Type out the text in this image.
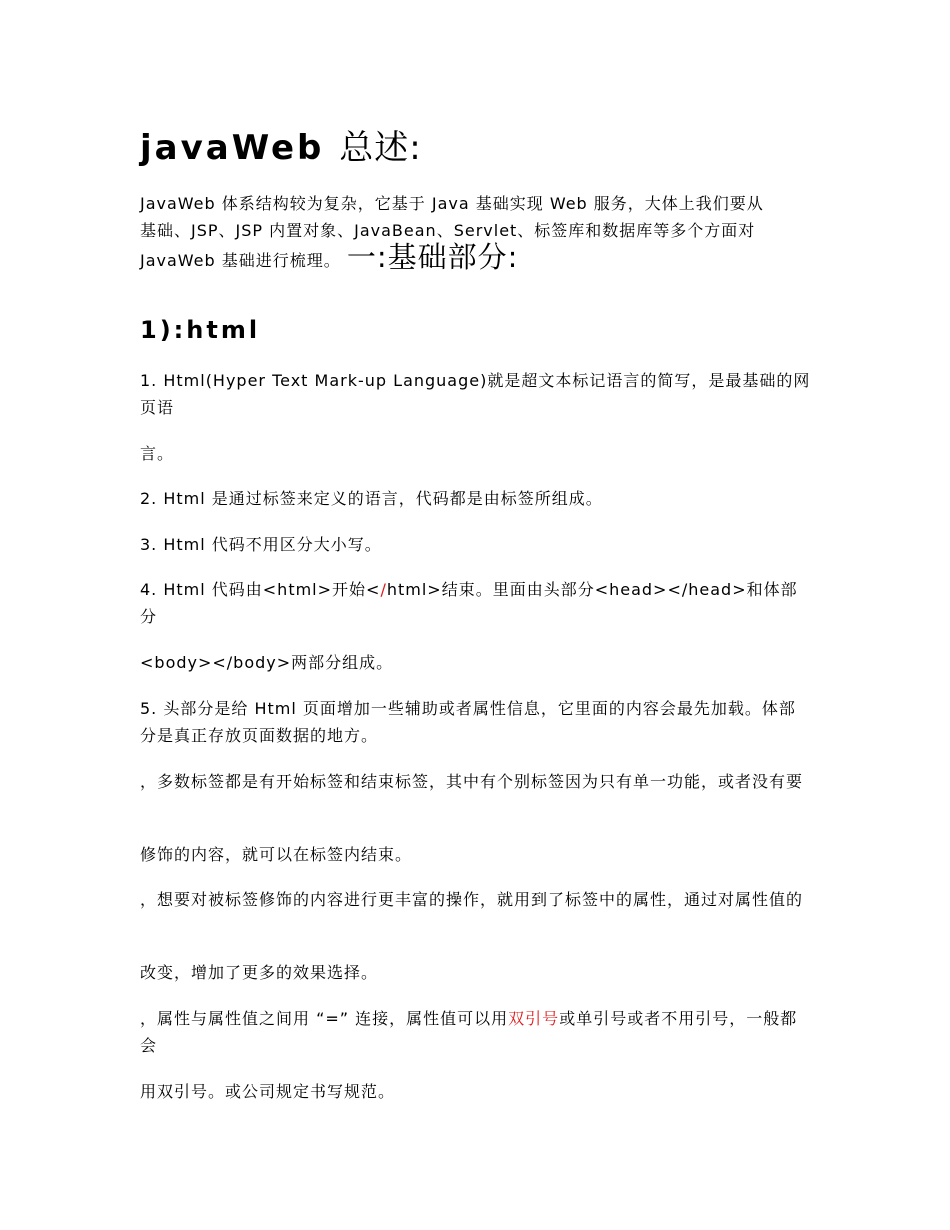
javaWeb 总述:

JavaWeb 体系结构较为复杂，它基于 Java 基础实现 Web 服务，大体上我们要从
基础、JSP、JSP 内置对象、JavaBean、Servlet、标签库和数据库等多个方面对
JavaWeb 基础进行梳理。 一:基础部分:

1):html

1. Html(Hyper Text Mark-up Language)就是超文本标记语言的简写，是最基础的网页语

言。

2. Html 是通过标签来定义的语言，代码都是由标签所组成。

3. Html 代码不用区分大小写。

4. Html 代码由<html>开始</html>结束。里面由头部分<head></head>和体部分

<body></body>两部分组成。

5. 头部分是给 Html 页面增加一些辅助或者属性信息，它里面的内容会最先加载。体部分是真正存放页面数据的地方。

，多数标签都是有开始标签和结束标签，其中有个别标签因为只有单一功能，或者没有要

修饰的内容，就可以在标签内结束。

，想要对被标签修饰的内容进行更丰富的操作，就用到了标签中的属性，通过对属性值的

改变，增加了更多的效果选择。

，属性与属性值之间用 “=” 连接，属性值可以用双引号或单引号或者不用引号，一般都会

用双引号。或公司规定书写规范。
